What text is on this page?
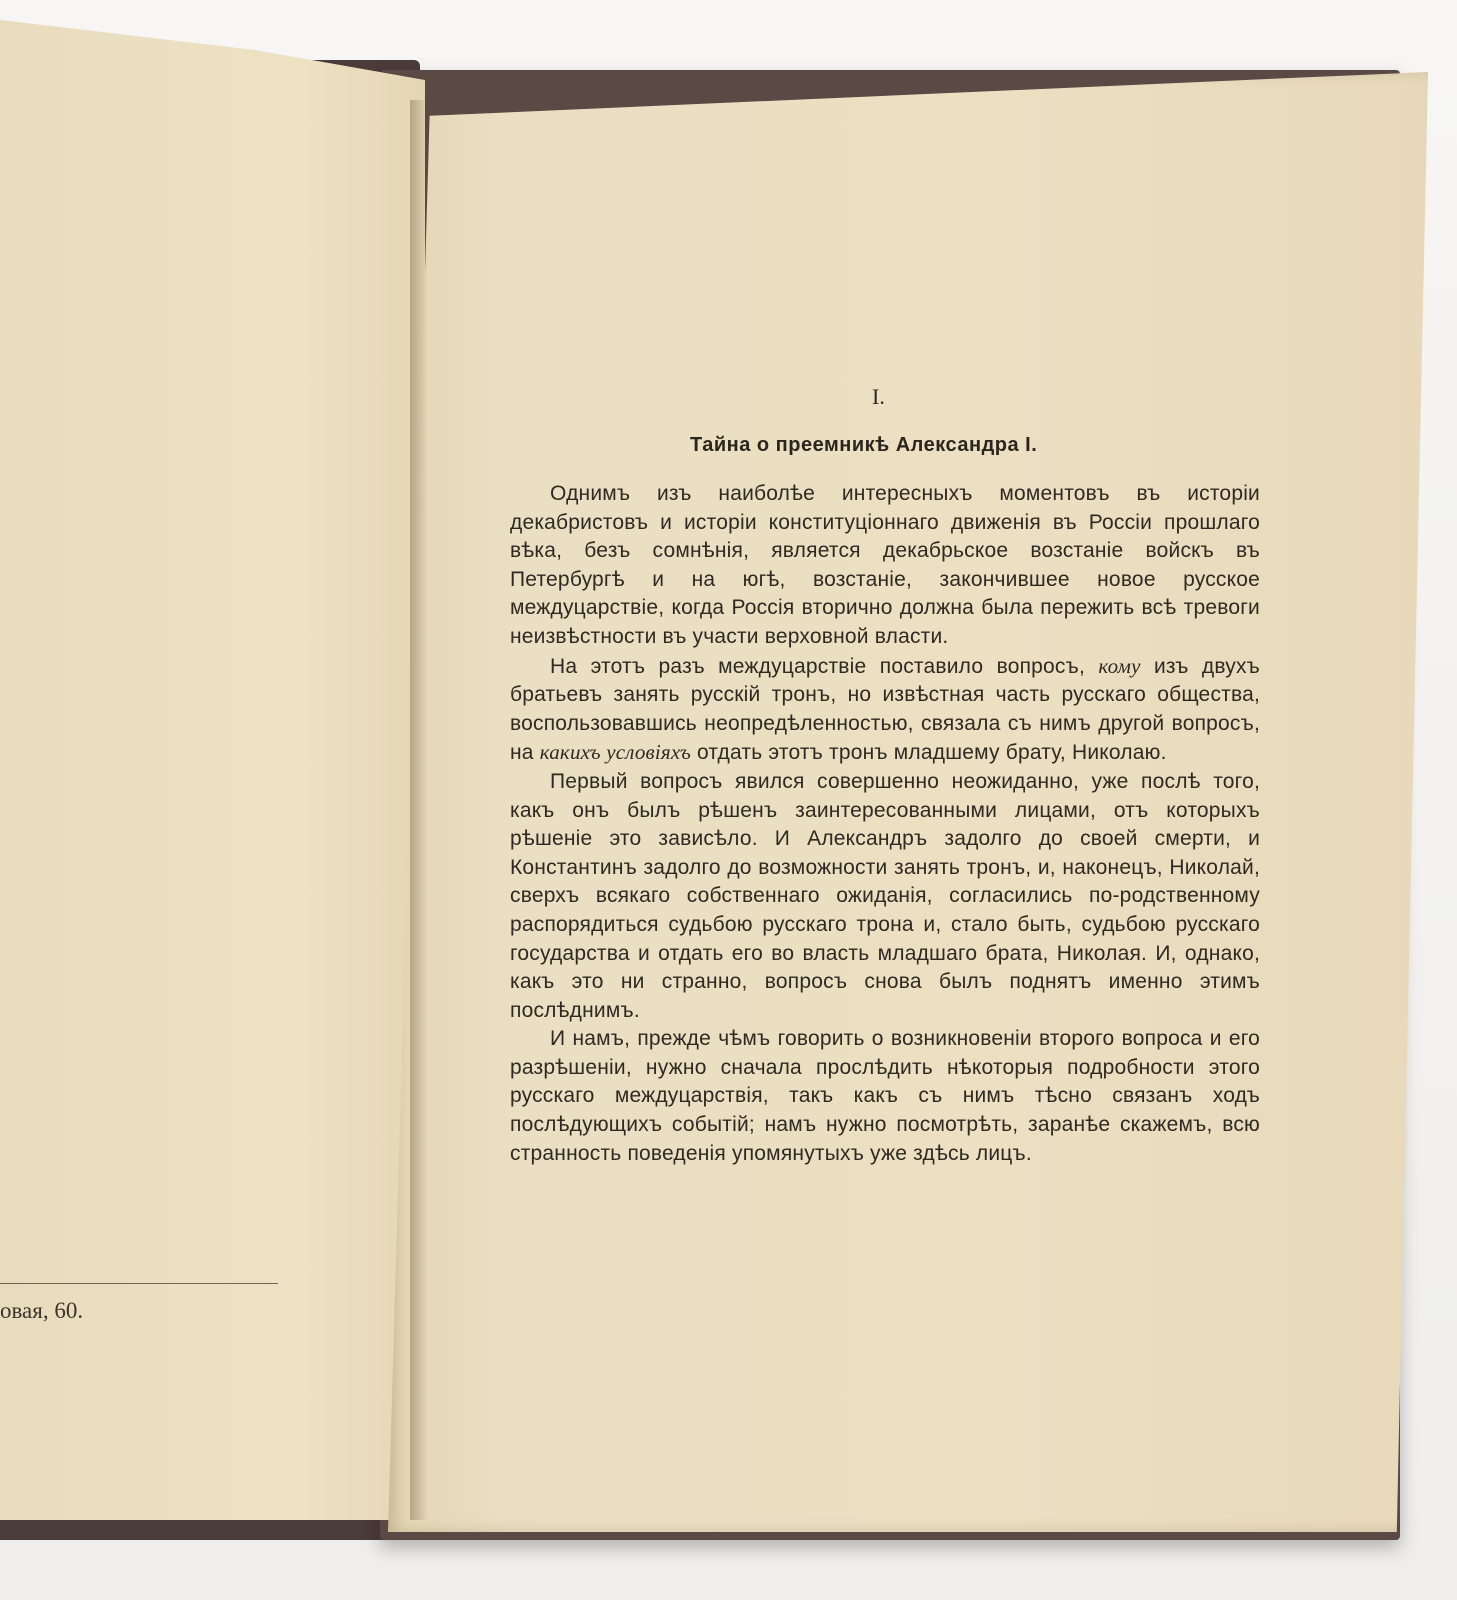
овая, 60.
I.
Тайна о преемникѣ Александра I.

Однимъ изъ наиболѣе интересныхъ моментовъ въ исторіи декабристовъ и исторіи конституціоннаго движенія въ Россіи прошлаго вѣка, безъ сомнѣнія, является декабрьское возстаніе войскъ въ Петербургѣ и на югѣ, возстаніе, закончившее новое русское междуцарствіе, когда Россія вторично должна была пережить всѣ тревоги неизвѣстности въ участи верховной власти.

На этотъ разъ междуцарствіе поставило вопросъ, кому изъ двухъ братьевъ занять русскій тронъ, но извѣстная часть русскаго общества, воспользовавшись неопредѣленностью, связала съ нимъ другой вопросъ, на какихъ условіяхъ отдать этотъ тронъ младшему брату, Николаю.

Первый вопросъ явился совершенно неожиданно, уже послѣ того, какъ онъ былъ рѣшенъ заинтересованными лицами, отъ которыхъ рѣшеніе это зависѣло. И Александръ задолго до своей смерти, и Константинъ задолго до возможности занять тронъ, и, наконецъ, Николай, сверхъ всякаго собственнаго ожиданія, согласились по-родственному распорядиться судьбою русскаго трона и, стало быть, судьбою русскаго государства и отдать его во власть младшаго брата, Николая. И, однако, какъ это ни странно, вопросъ снова былъ поднятъ именно этимъ послѣднимъ.

И намъ, прежде чѣмъ говорить о возникновеніи второго вопроса и его разрѣшеніи, нужно сначала прослѣдить нѣкоторыя подробности этого русскаго междуцарствія, такъ какъ съ нимъ тѣсно связанъ ходъ послѣдующихъ событій; намъ нужно посмотрѣть, заранѣе скажемъ, всю странность поведенія упомянутыхъ уже здѣсь лицъ.
